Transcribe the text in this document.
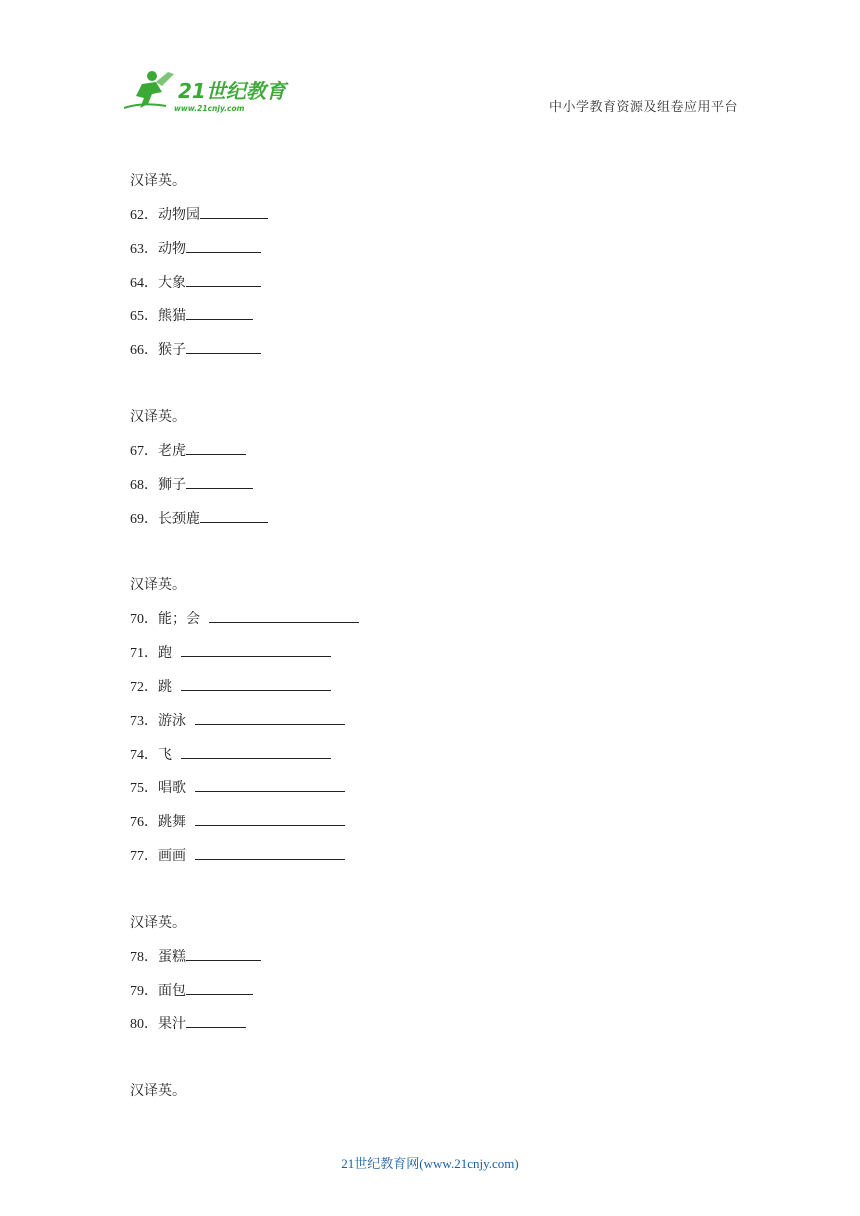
21世纪教育
www.21cnjy.com	中小学教育资源及组卷应用平台
汉译英。
62．动物园
63．动物
64．大象
65．熊猫
66．猴子
汉译英。
67．老虎
68．狮子
69．长颈鹿
汉译英。
70．能；会
71．跑
72．跳
73．游泳
74．飞
75．唱歌
76．跳舞
77．画画
汉译英。
78．蛋糕
79．面包
80．果汁
汉译英。
21世纪教育网(www.21cnjy.com)
